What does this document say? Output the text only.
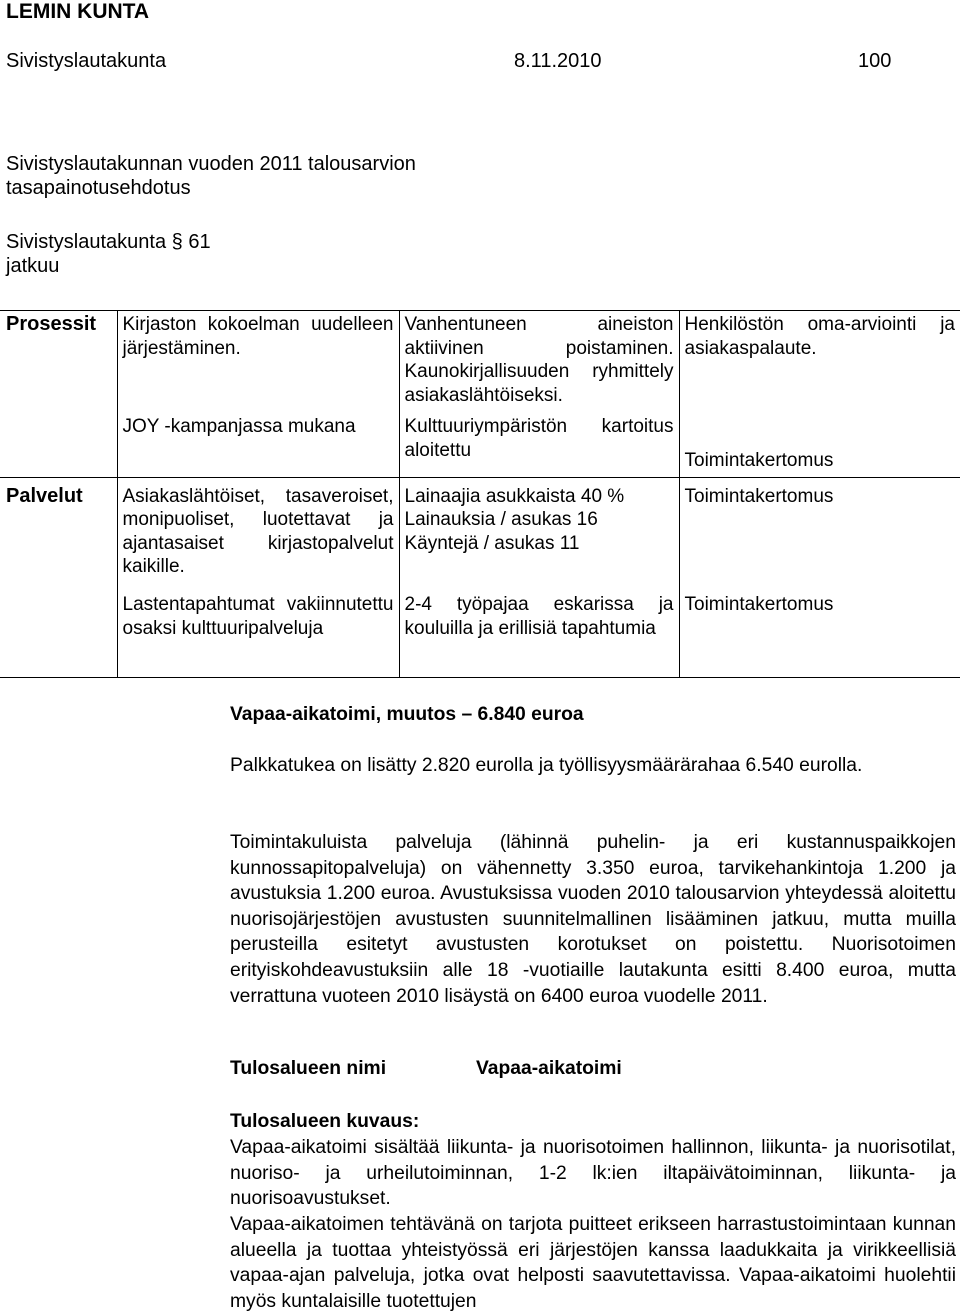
LEMIN KUNTA
Sivistyslautakunta	8.11.2010	100
Sivistyslautakunnan vuoden 2011 talousarvion
tasapainotusehdotus
Sivistyslautakunta § 61
jatkuu
Prosessit	Kirjaston kokoelman uudelleen järjestäminen.	Vanhentuneen aineiston aktiivinen poistaminen. Kaunokirjallisuuden ryhmittely asiakaslähtöiseksi.	Henkilöstön oma-arviointi ja asiakaspalaute.
	JOY -kampanjassa mukana	Kulttuuriympäristön kartoitus aloitettu	Toimintakertomus
Palvelut	Asiakaslähtöiset, tasaveroiset, monipuoliset, luotettavat ja ajantasaiset kirjastopalvelut kaikille.	Lainaajia asukkaista 40 %
Lainauksia / asukas 16
Käyntejä / asukas 11	Toimintakertomus
	Lastentapahtumat vakiinnutettu osaksi kulttuuripalveluja	2-4 työpajaa eskarissa ja kouluilla ja erillisiä tapahtumia	Toimintakertomus
Vapaa-aikatoimi, muutos – 6.840 euroa

Palkkatukea on lisätty 2.820 eurolla ja työllisyysmäärärahaa 6.540 eurolla.

Toimintakuluista palveluja (lähinnä puhelin- ja eri kustannuspaikkojen kunnossapitopalveluja) on vähennetty 3.350 euroa, tarvikehankintoja 1.200 ja avustuksia 1.200 euroa. Avustuksissa vuoden 2010 talousarvion yhteydessä aloitettu nuorisojärjestöjen avustusten suunnitelmallinen lisääminen jatkuu, mutta muilla perusteilla esitetyt avustusten korotukset on poistettu. Nuorisotoimen erityiskohdeavustuksiin alle 18 -vuotiaille lautakunta esitti 8.400 euroa, mutta verrattuna vuoteen 2010 lisäystä on 6400 euroa vuodelle 2011.

Tulosalueen nimi	Vapaa-aikatoimi
Tulosalueen kuvaus:

Vapaa-aikatoimi sisältää liikunta- ja nuorisotoimen hallinnon, liikunta- ja nuorisotilat, nuoriso- ja urheilutoiminnan, 1-2 lk:ien iltapäivätoiminnan, liikunta- ja nuorisoavustukset.

Vapaa-aikatoimen tehtävänä on tarjota puitteet erikseen harrastustoimintaan kunnan alueella ja tuottaa yhteistyössä eri järjestöjen kanssa laadukkaita ja virikkeellisiä vapaa-ajan palveluja, jotka ovat helposti saavutettavissa. Vapaa-aikatoimi huolehtii myös kuntalaisille tuotettujen
